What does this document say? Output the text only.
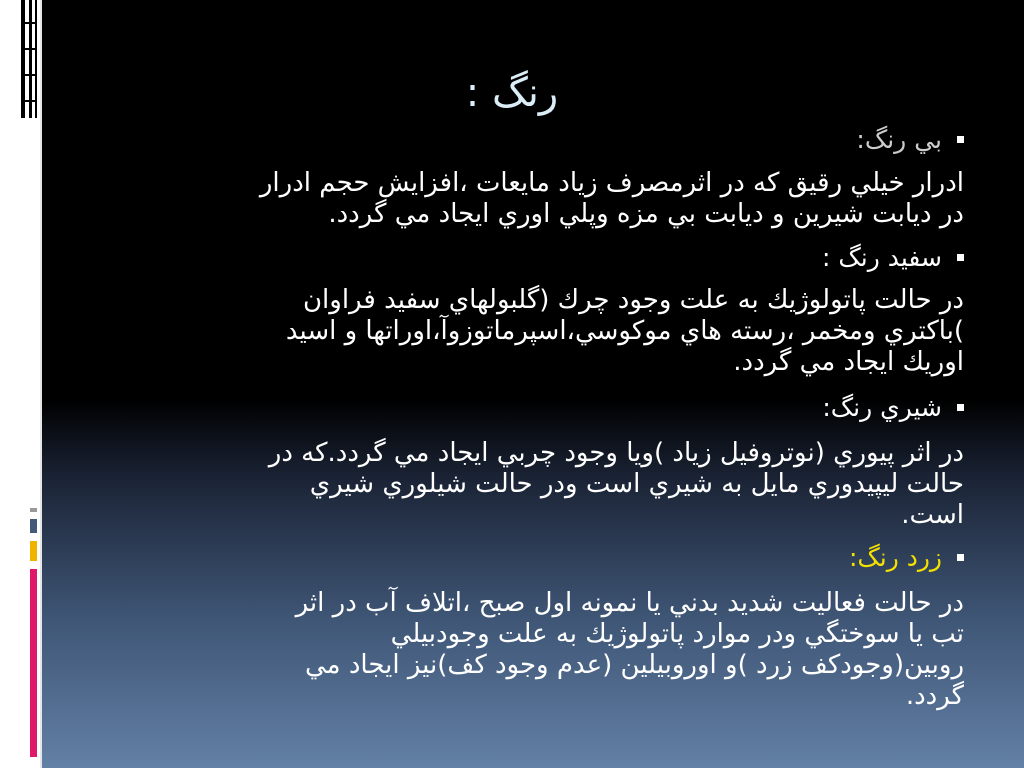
رنگ :
بي رنگ:
ادرار خيلي رقيق كه در اثرمصرف زياد مايعات ،افزايش حجم ادرار
در ديابت شيرين و ديابت بي مزه وپلي اوري ايجاد مي گردد.
سفيد رنگ :
در حالت پاتولوژيك به علت وجود چرك (گلبولهاي سفيد فراوان
)باكتري ومخمر ،رسته هاي موكوسي،اسپرماتوزوآ،اوراتها و اسيد
اوريك ايجاد مي گردد.
شيري رنگ:
در اثر پيوري (نوتروفيل زياد )ويا وجود چربي ايجاد مي گردد.كه در
حالت ليپيدوري مايل به شيري است ودر حالت شيلوري شيري
است.
زرد رنگ:
در حالت فعاليت شديد بدني يا نمونه اول صبح ،اتلاف آب در اثر
تب يا سوختگي ودر موارد پاتولوژيك به علت وجودبيلي
روبين(وجودكف زرد )و اوروبيلين (عدم وجود كف)نيز ايجاد مي
گردد.
